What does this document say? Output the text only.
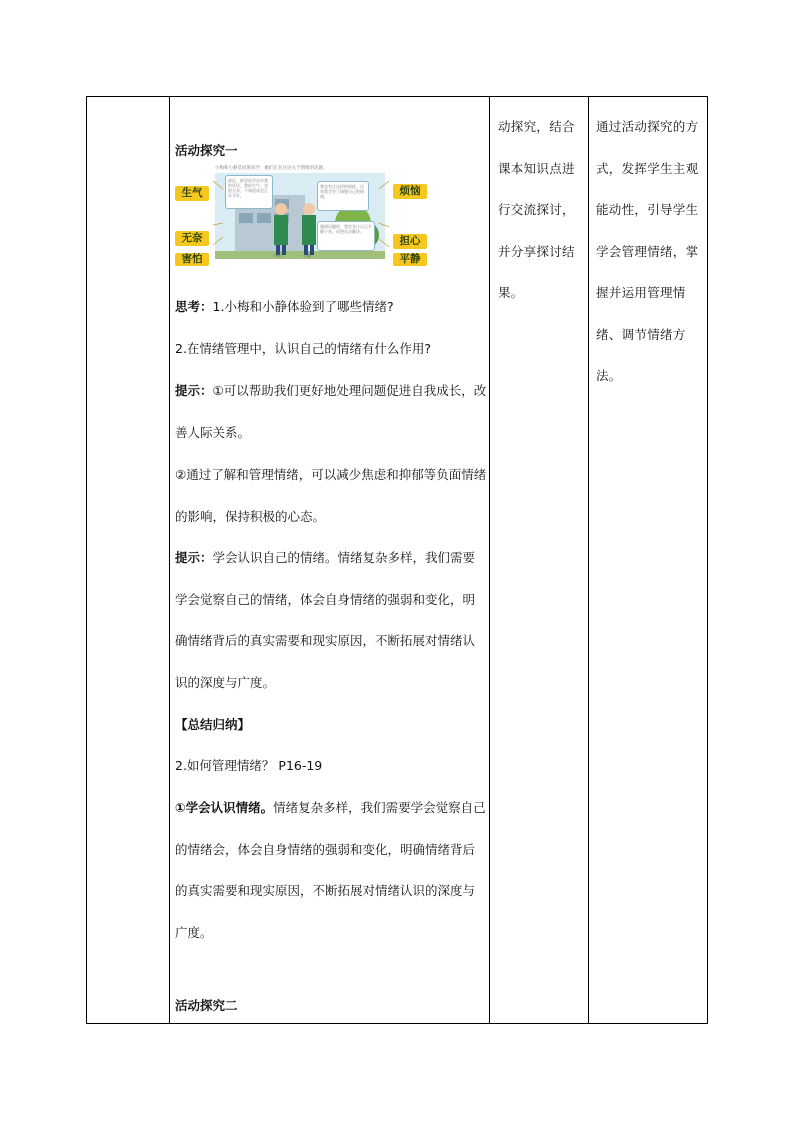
活动探究一
小梅和小静是同班同学，她们正在讨论关于情绪的话题。
最近，班里同学在传我的坏话，我很生气，也很无奈，不知道该怎么办才好。
我也有过这样的困扰，后来我学会了调整自己的情绪。
遇到问题时，我会先让自己平静下来，再想办法解决。
小梅	小静
生气	烦恼
无奈	担心
害怕	平静
思考：1.小梅和小静体验到了哪些情绪?
2.在情绪管理中，认识自己的情绪有什么作用?
提示：①可以帮助我们更好地处理问题促进自我成长，改善人际关系。
②通过了解和管理情绪，可以减少焦虑和抑郁等负面情绪的影响，保持积极的心态。
提示：学会认识自己的情绪。情绪复杂多样，我们需要学会觉察自己的情绪，体会自身情绪的强弱和变化，明确情绪背后的真实需要和现实原因，不断拓展对情绪认识的深度与广度。
【总结归纳】
2.如何管理情绪？ P16-19
①学会认识情绪。情绪复杂多样，我们需要学会觉察自己的情绪会，体会自身情绪的强弱和变化，明确情绪背后的真实需要和现实原因，不断拓展对情绪认识的深度与广度。
活动探究二
动探究，结合课本知识点进行交流探讨，并分享探讨结果。
通过活动探究的方式，发挥学生主观能动性，引导学生学会管理情绪，掌握并运用管理情绪、调节情绪方法。
